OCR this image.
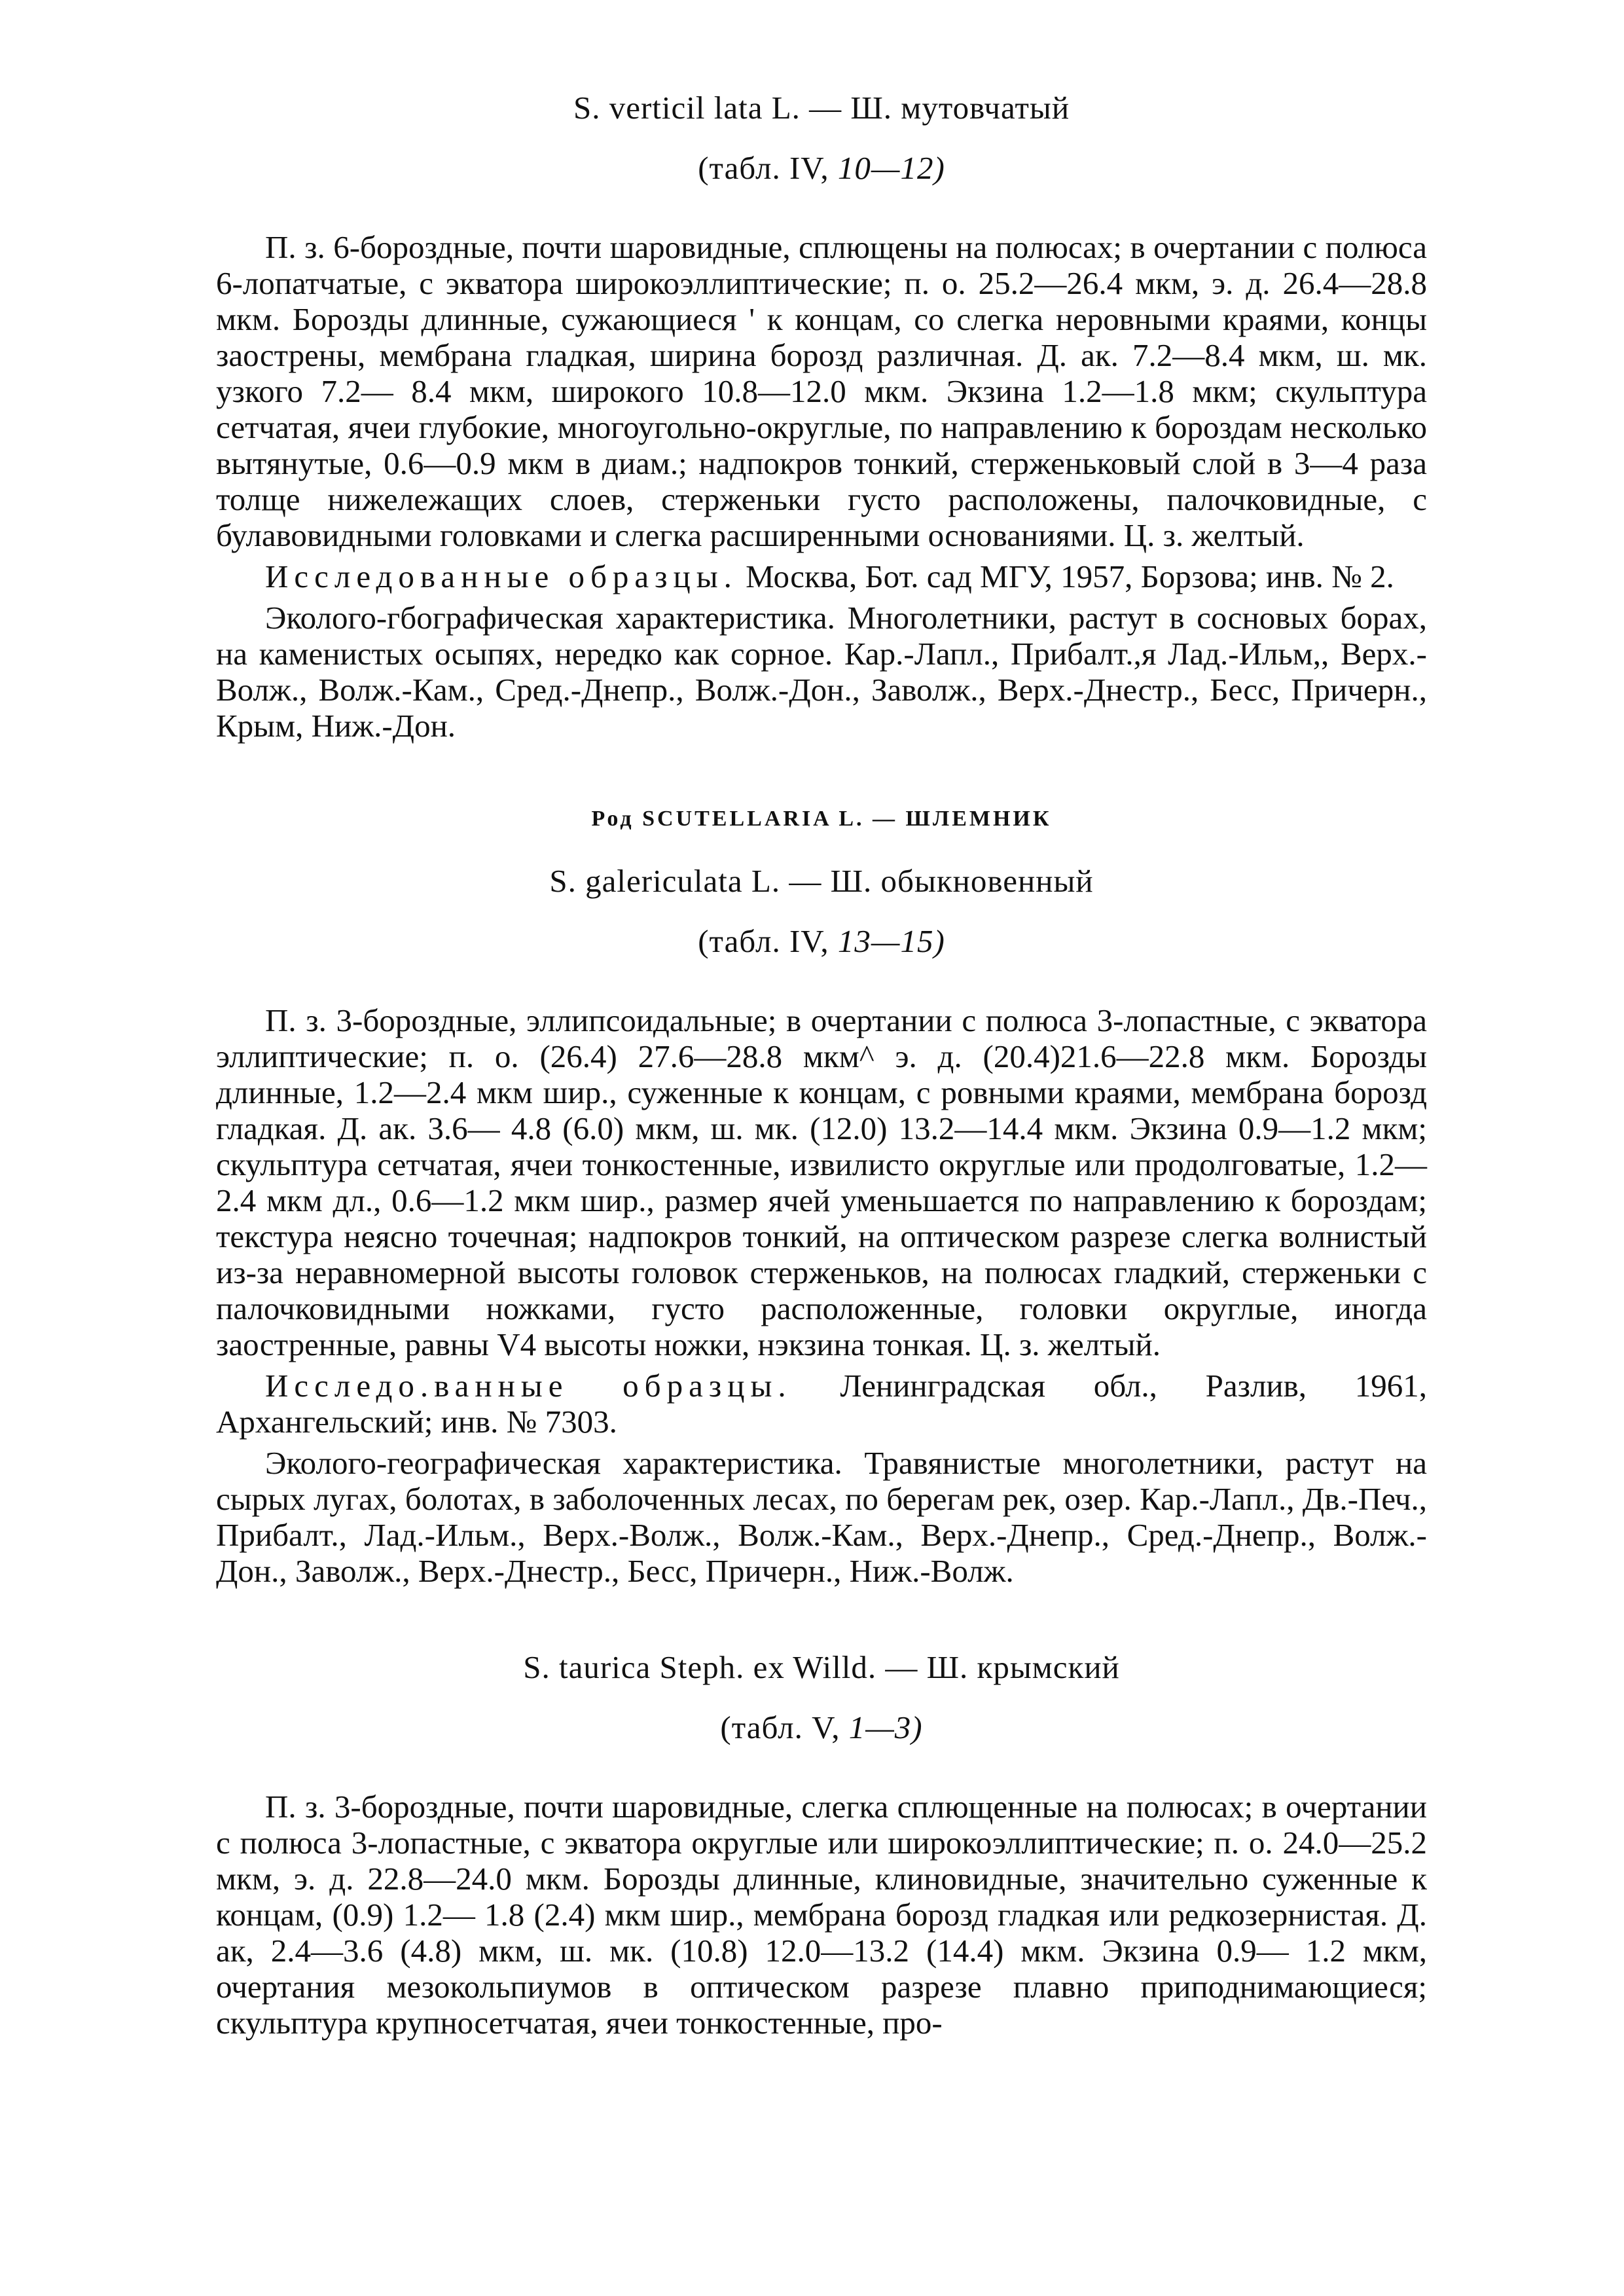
S. verticil lata L. — Ш. мутовчатый

(табл. IV, 10—12)

П. з. 6-бороздные, почти шаровидные, сплющены на полюсах; в очертании с полюса 6-лопатчатые, с экватора широкоэллиптические; п. о. 25.2—26.4 мкм, э. д. 26.4—28.8 мкм. Борозды длинные, сужающиеся ' к концам, со слегка неровными краями, концы заострены, мембрана гладкая, ширина борозд различная. Д. ак. 7.2—8.4 мкм, ш. мк. узкого 7.2— 8.4 мкм, широкого 10.8—12.0 мкм. Экзина 1.2—1.8 мкм; скульптура сетчатая, ячеи глубокие, многоугольно-округлые, по направлению к бороздам несколько вытянутые, 0.6—0.9 мкм в диам.; надпокров тонкий, стерженьковый слой в 3—4 раза толще нижележащих слоев, стерженьки густо расположены, палочковидные, с булавовидными головками и слегка расширенными основаниями. Ц. з. желтый.

Исследованные образцы. Москва, Бот. сад МГУ, 1957, Борзова; инв. № 2.

Эколого-гбографическая характеристика. Многолетники, растут в сосновых борах, на каменистых осыпях, нередко как сорное. Кар.-Лапл., Прибалт.,я Лад.-Ильм,, Верх.-Волж., Волж.-Кам., Сред.-Днепр., Волж.-Дон., Заволж., Верх.-Днестр., Бесс, Причерн., Крым, Ниж.-Дон.

Род SCUTELLARIA L. — ШЛЕМНИК

S. galericulata L. — Ш. обыкновенный

(табл. IV, 13—15)

П. з. 3-бороздные, эллипсоидальные; в очертании с полюса 3-лопастные, с экватора эллиптические; п. о. (26.4) 27.6—28.8 мкм^ э. д. (20.4)21.6—22.8 мкм. Борозды длинные, 1.2—2.4 мкм шир., суженные к концам, с ровными краями, мембрана борозд гладкая. Д. ак. 3.6— 4.8 (6.0) мкм, ш. мк. (12.0) 13.2—14.4 мкм. Экзина 0.9—1.2 мкм; скульптура сетчатая, ячеи тонкостенные, извилисто округлые или продолговатые, 1.2—2.4 мкм дл., 0.6—1.2 мкм шир., размер ячей уменьшается по направлению к бороздам; текстура неясно точечная; надпокров тонкий, на оптическом разрезе слегка волнистый из-за неравномерной высоты головок стерженьков, на полюсах гладкий, стерженьки с палочковидными ножками, густо расположенные, головки округлые, иногда заостренные, равны V4 высоты ножки, нэкзина тонкая. Ц. з. желтый.

Исследо.ванные образцы. Ленинградская обл., Разлив, 1961, Архангельский; инв. № 7303.

Эколого-географическая характеристика. Травянистые многолетники, растут на сырых лугах, болотах, в заболоченных лесах, по берегам рек, озер. Кар.-Лапл., Дв.-Печ., Прибалт., Лад.-Ильм., Верх.-Волж., Волж.-Кам., Верх.-Днепр., Сред.-Днепр., Волж.-Дон., Заволж., Верх.-Днестр., Бесс, Причерн., Ниж.-Волж.

S. taurica Steph. ex Willd. — Ш. крымский

(табл. V, 1—3)

П. з. 3-бороздные, почти шаровидные, слегка сплющенные на полюсах; в очертании с полюса 3-лопастные, с экватора округлые или широкоэллиптические; п. о. 24.0—25.2 мкм, э. д. 22.8—24.0 мкм. Борозды длинные, клиновидные, значительно суженные к концам, (0.9) 1.2— 1.8 (2.4) мкм шир., мембрана борозд гладкая или редкозернистая. Д. ак, 2.4—3.6 (4.8) мкм, ш. мк. (10.8) 12.0—13.2 (14.4) мкм. Экзина 0.9— 1.2 мкм, очертания мезокольпиумов в оптическом разрезе плавно приподнимающиеся; скульптура крупносетчатая, ячеи тонкостенные, про-
